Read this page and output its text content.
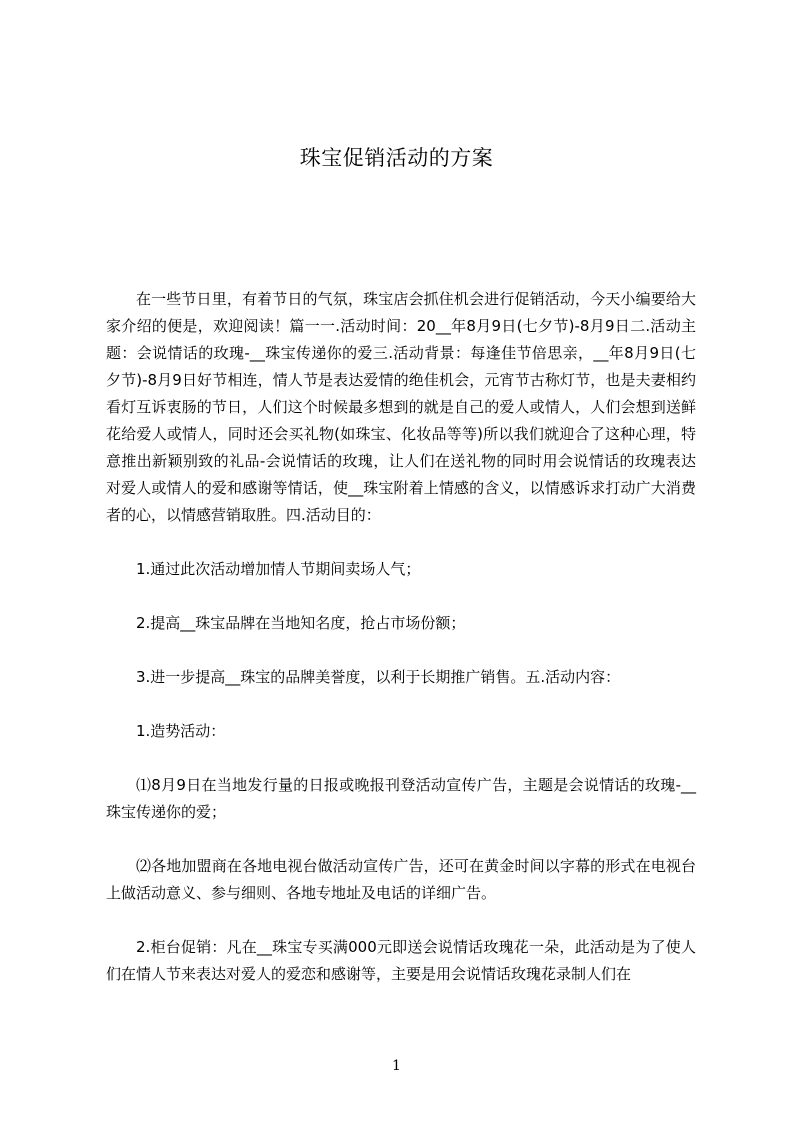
珠宝促销活动的方案

在一些节日里，有着节日的气氛，珠宝店会抓住机会进行促销活动，今天小编要给大家介绍的便是，欢迎阅读！篇一一.活动时间：20__年8月9日(七夕节)-8月9日二.活动主题：会说情话的玫瑰-__珠宝传递你的爱三.活动背景：每逢佳节倍思亲，__年8月9日(七夕节)-8月9日好节相连，情人节是表达爱情的绝佳机会，元宵节古称灯节，也是夫妻相约看灯互诉衷肠的节日，人们这个时候最多想到的就是自己的爱人或情人，人们会想到送鲜花给爱人或情人，同时还会买礼物(如珠宝、化妆品等等)所以我们就迎合了这种心理，特意推出新颖别致的礼品-会说情话的玫瑰，让人们在送礼物的同时用会说情话的玫瑰表达对爱人或情人的爱和感谢等情话，使__珠宝附着上情感的含义，以情感诉求打动广大消费者的心，以情感营销取胜。四.活动目的：

1.通过此次活动增加情人节期间卖场人气；

2.提高__珠宝品牌在当地知名度，抢占市场份额；

3.进一步提高__珠宝的品牌美誉度，以利于长期推广销售。五.活动内容：

1.造势活动：

⑴8月9日在当地发行量的日报或晚报刊登活动宣传广告，主题是会说情话的玫瑰-__珠宝传递你的爱；

⑵各地加盟商在各地电视台做活动宣传广告，还可在黄金时间以字幕的形式在电视台上做活动意义、参与细则、各地专地址及电话的详细广告。

2.柜台促销：凡在__珠宝专买满000元即送会说情话玫瑰花一朵，此活动是为了使人们在情人节来表达对爱人的爱恋和感谢等，主要是用会说情话玫瑰花录制人们在

1
